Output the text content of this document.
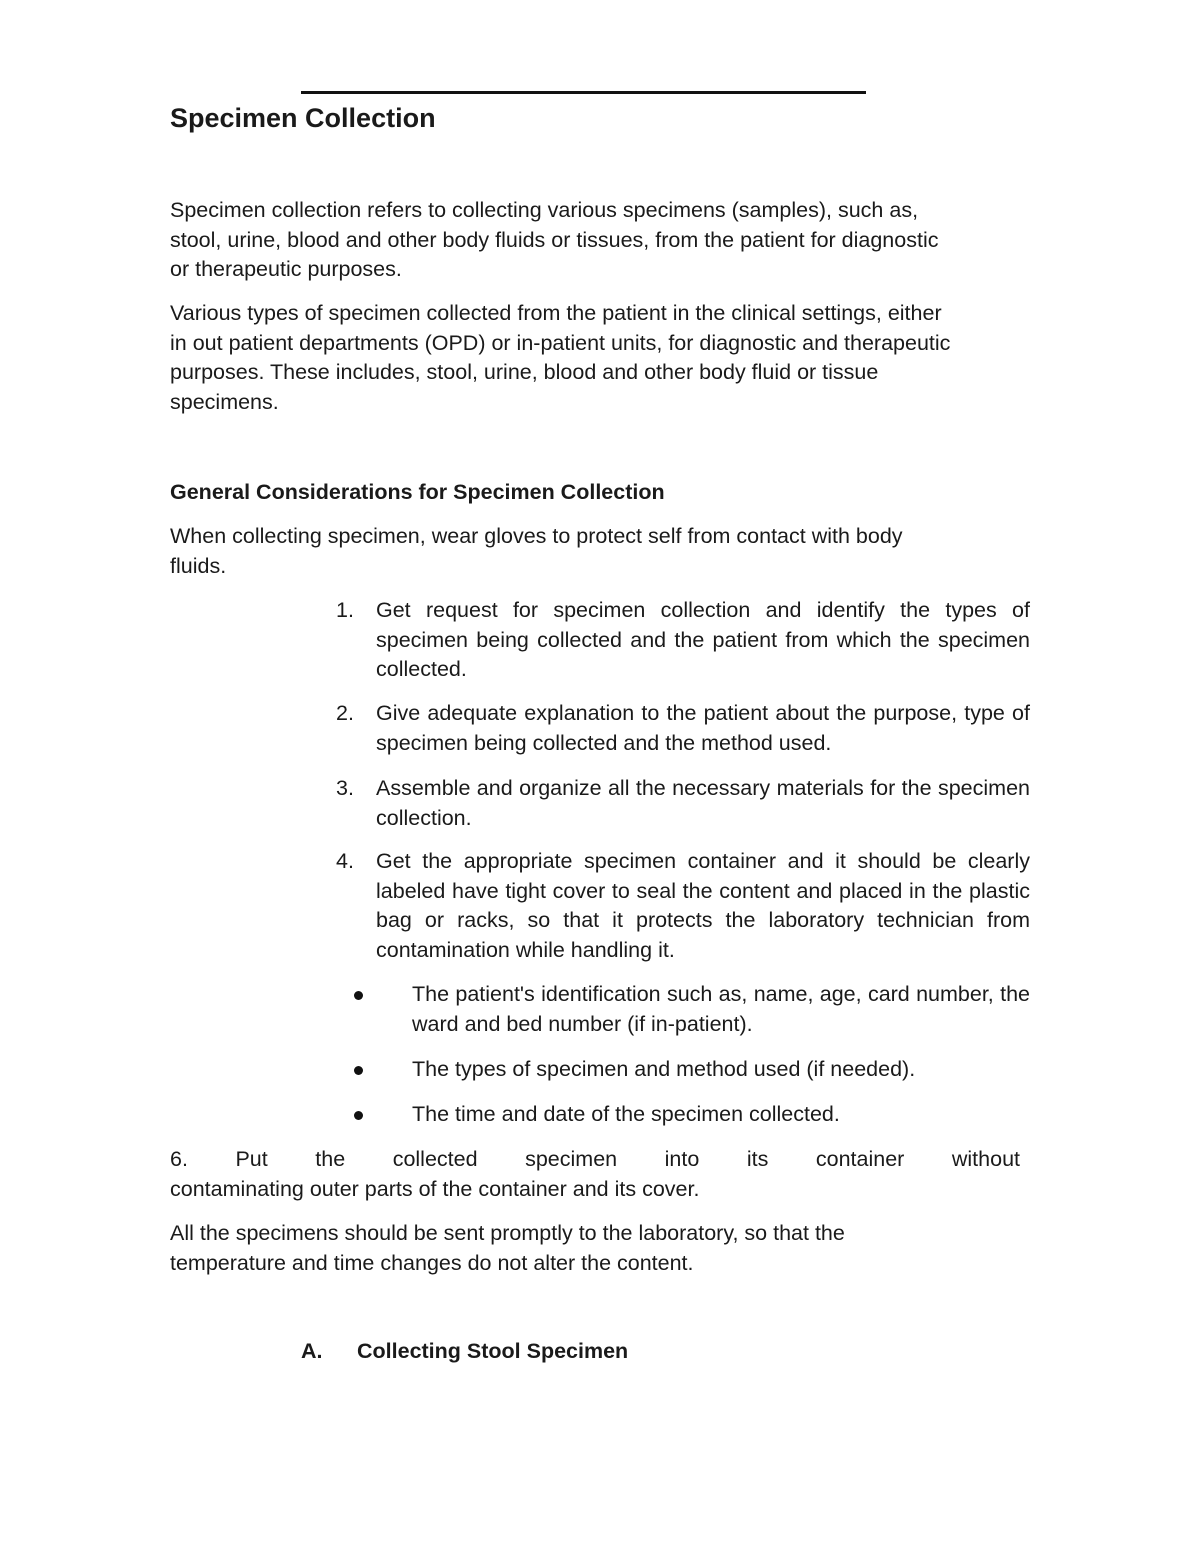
Specimen Collection

Specimen collection refers to collecting various specimens (samples), such as,
stool, urine, blood and other body fluids or tissues, from the patient for diagnostic
or therapeutic purposes.

Various types of specimen collected from the patient in the clinical settings, either
in out patient departments (OPD) or in-patient units, for diagnostic and therapeutic
purposes. These includes, stool, urine, blood and other body fluid or tissue
specimens.

General Considerations for Specimen Collection

When collecting specimen, wear gloves to protect self from contact with body
fluids.

1. Get request for specimen collection and identify the types of specimen being collected and the patient from which the specimen collected.
2. Give adequate explanation to the patient about the purpose, type of specimen being collected and the method used.
3. Assemble and organize all the necessary materials for the specimen collection.
4. Get the appropriate specimen container and it should be clearly labeled have tight cover to seal the content and placed in the plastic bag or racks, so that it protects the laboratory technician from contamination while handling it.
The patient's identification such as, name, age, card number, the ward and bed number (if in-patient).
The types of specimen and method used (if needed).
The time and date of the specimen collected.

6. Put the collected specimen into its container without
contaminating outer parts of the container and its cover.

All the specimens should be sent promptly to the laboratory, so that the
temperature and time changes do not alter the content.

A. Collecting Stool Specimen
